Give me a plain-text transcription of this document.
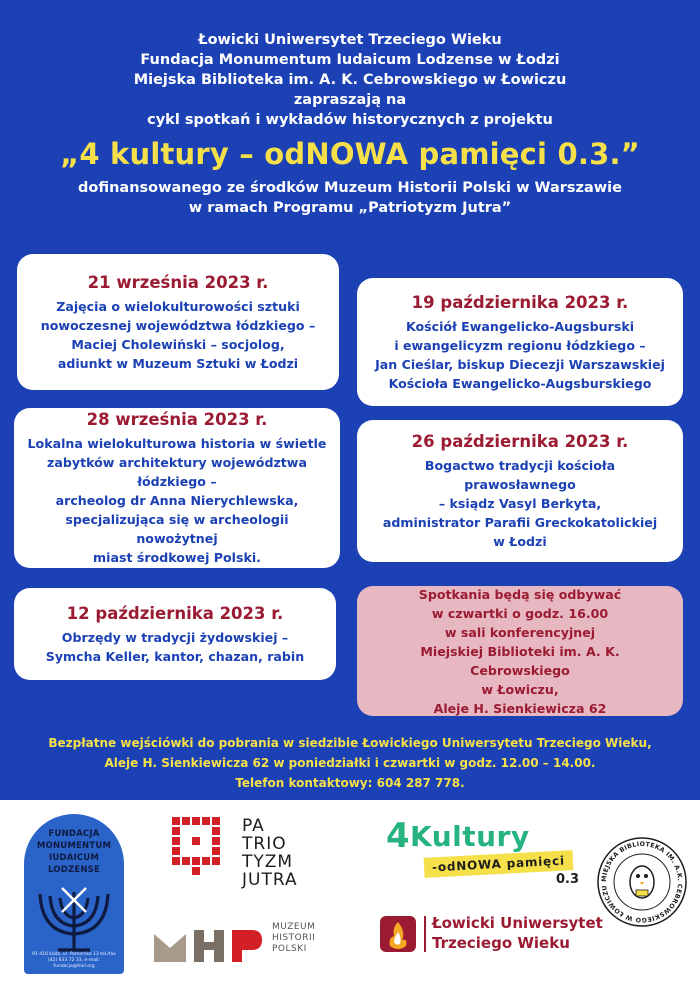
Łowicki Uniwersytet Trzeciego Wieku
Fundacja Monumentum Iudaicum Lodzense w Łodzi
Miejska Biblioteka im. A. K. Cebrowskiego w Łowiczu
zapraszają na
cykl spotkań i wykładów historycznych z projektu
„4 kultury – odNOWA pamięci 0.3.”
dofinansowanego ze środków Muzeum Historii Polski w Warszawie
w ramach Programu „Patriotyzm Jutra”
21 września 2023 r.
Zajęcia o wielokulturowości sztuki
nowoczesnej województwa łódzkiego –
Maciej Cholewiński – socjolog,
adiunkt w Muzeum Sztuki w Łodzi
19 października 2023 r.
Kościół Ewangelicko-Augsburski
i ewangelicyzm regionu łódzkiego –
Jan Cieślar, biskup Diecezji Warszawskiej
Kościoła Ewangelicko-Augsburskiego
28 września 2023 r.
Lokalna wielokulturowa historia w świetle
zabytków architektury województwa
łódzkiego –
archeolog dr Anna Nierychlewska,
specjalizująca się w archeologii nowożytnej
miast środkowej Polski.
26 października 2023 r.
Bogactwo tradycji kościoła prawosławnego
– ksiądz Vasyl Berkyta,
administrator Parafii Greckokatolickiej
w Łodzi
12 października 2023 r.
Obrzędy w tradycji żydowskiej –
Symcha Keller, kantor, chazan, rabin
Spotkania będą się odbywać
w czwartki o godz. 16.00
w sali konferencyjnej
Miejskiej Biblioteki im. A. K. Cebrowskiego
w Łowiczu,
Aleje H. Sienkiewicza 62
Bezpłatne wejściówki do pobrania w siedzibie Łowickiego Uniwersytetu Trzeciego Wieku,
Aleje H. Sienkiewicza 62 w poniedziałki i czwartki w godz. 12.00 – 14.00.
Telefon kontaktowy: 604 287 778.
FUNDACJA
MONUMENTUM
IUDAICUM LODZENSE
91-416 Łódź, ul. Pomorska 13 tel./fax (42) 633 72 33, e-mail: fundacja@fmil.org
PA
TRIO
TYZM
JUTRA
MUZEUM
HISTORII
POLSKI
4 Kultury
-odNOWA pamięci
0.3
Łowicki Uniwersytet
Trzeciego Wieku
MIEJSKA BIBLIOTEKA IM. A.K. CEBROWSKIEGO W ŁOWICZU
